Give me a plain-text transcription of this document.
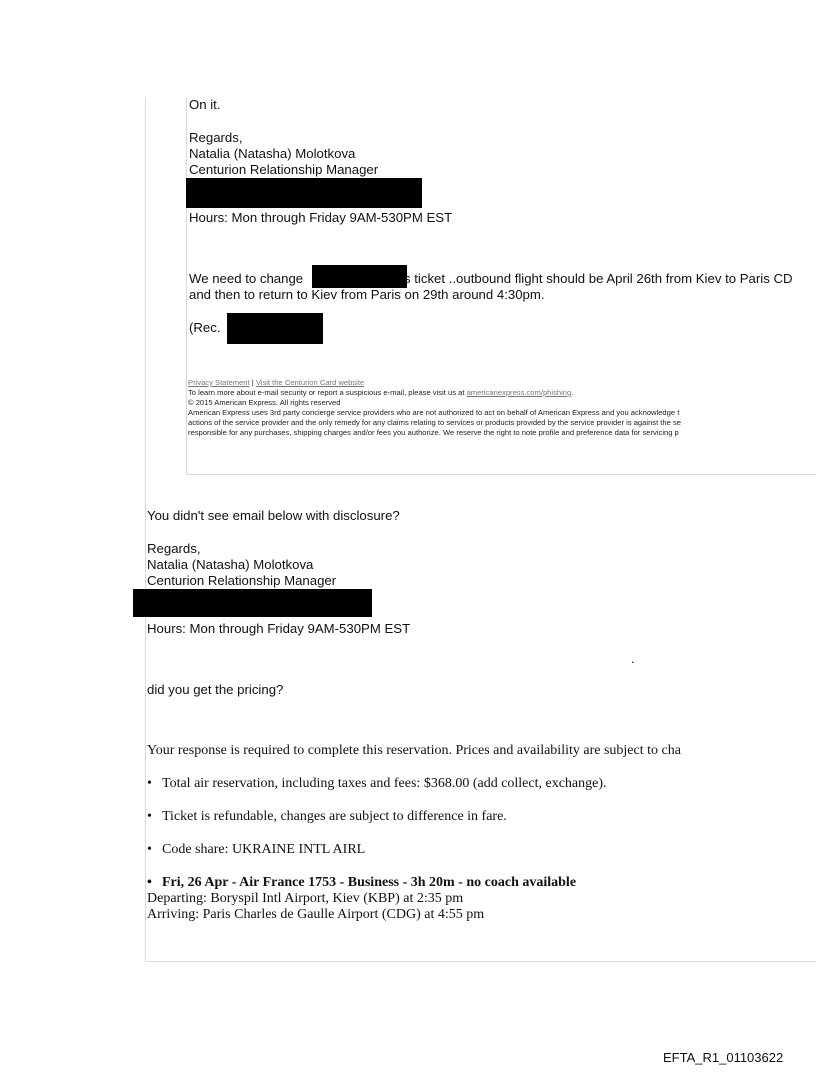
On it.
Regards,
Natalia (Natasha) Molotkova
Centurion Relationship Manager
Hours: Mon through Friday 9AM-530PM EST
We need to change	s ticket ..outbound flight should be April 26th from Kiev to Paris CD
and then to return to Kiev from Paris on 29th around 4:30pm.
(Rec.
Privacy Statement | Visit the Centurion Card website
To learn more about e-mail security or report a suspicious e-mail, please visit us at americanexpress.com/phishing.
© 2015 American Express. All rights reserved
American Express uses 3rd party concierge service providers who are not authorized to act on behalf of American Express and you acknowledge t
actions of the service provider and the only remedy for any claims relating to services or products provided by the service provider is against the se
responsible for any purchases, shipping charges and/or fees you authorize. We reserve the right to note profile and preference data for servicing p
You didn't see email below with disclosure?
Regards,
Natalia (Natasha) Molotkova
Centurion Relationship Manager
Hours: Mon through Friday 9AM-530PM EST
.
did you get the pricing?
Your response is required to complete this reservation. Prices and availability are subject to cha
• Total air reservation, including taxes and fees: $368.00 (add collect, exchange).
• Ticket is refundable, changes are subject to difference in fare.
• Code share: UKRAINE INTL AIRL
• Fri, 26 Apr - Air France 1753 - Business - 3h 20m - no coach available
Departing: Boryspil Intl Airport, Kiev (KBP) at 2:35 pm
Arriving: Paris Charles de Gaulle Airport (CDG) at 4:55 pm
EFTA_R1_01103622
